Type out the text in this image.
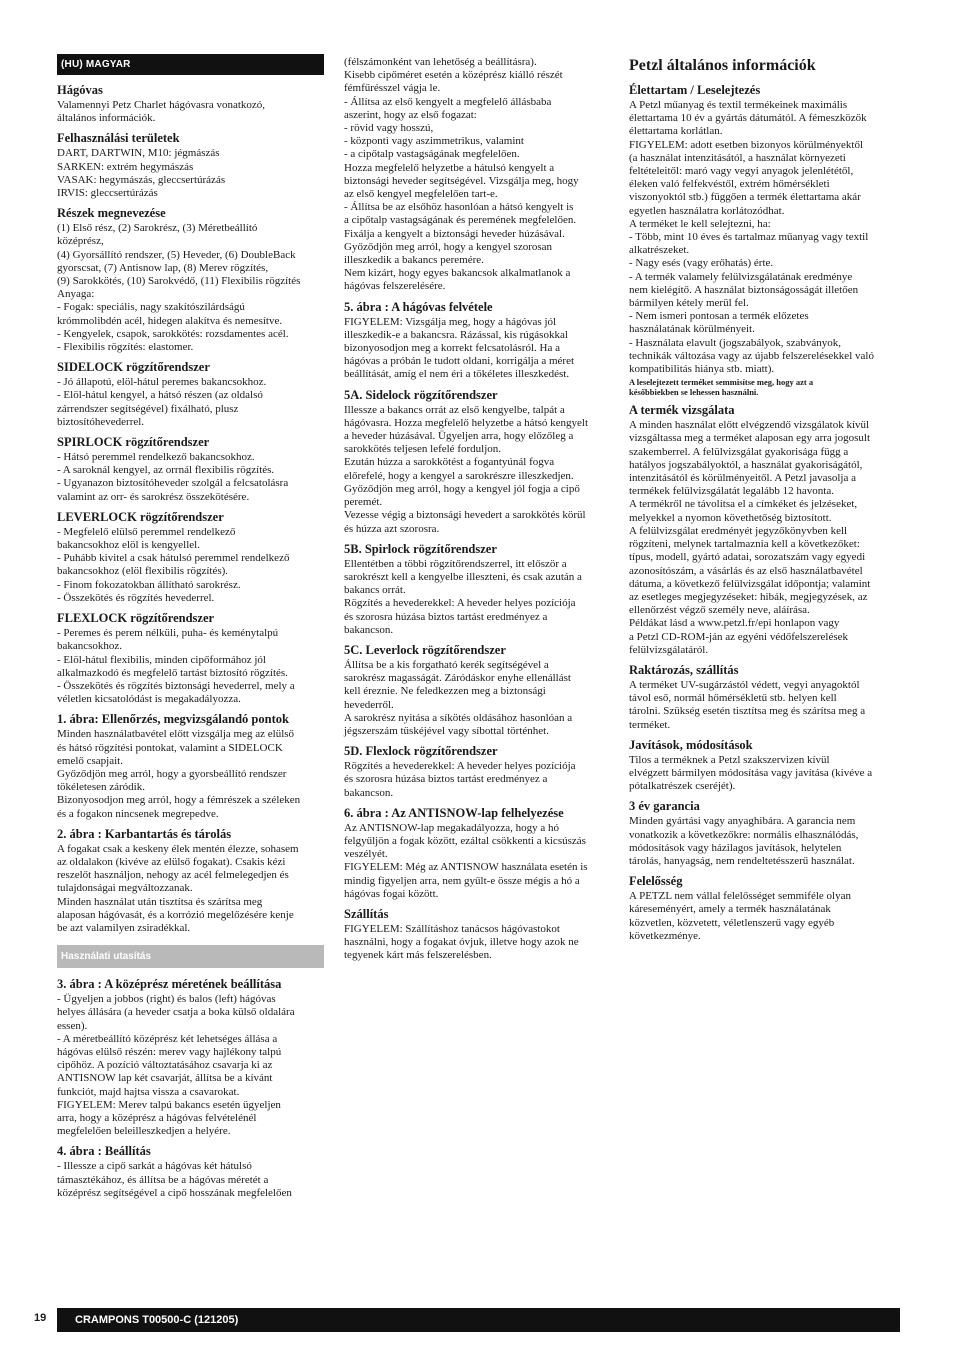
(HU) MAGYAR
Hágóvas

Valamennyi Petz Charlet hágóvasra vonatkozó,
általános információk.

Felhasználási területek

DART, DARTWIN, M10: jégmászás
SARKEN: extrém hegymászás
VASAK: hegymászás, gleccsertúrázás
IRVIS: gleccsertúrázás

Részek megnevezése

(1) Első rész, (2) Sarokrész, (3) Méretbeállító
középrész,
(4) Gyorsállító rendszer, (5) Heveder, (6) DoubleBack
gyorscsat, (7) Antisnow lap, (8) Merev rögzítés,
(9) Sarokkötés, (10) Sarokvédő, (11) Flexibilis rögzítés
Anyaga:
- Fogak: speciális, nagy szakítószilárdságú
krómmolibdén acél, hidegen alakítva és nemesítve.
- Kengyelek, csapok, sarokkötés: rozsdamentes acél.
- Flexibilis rögzítés: elastomer.

SIDELOCK rögzítőrendszer

- Jó állapotú, elöl-hátul peremes bakancsokhoz.
- Elöl-hátul kengyel, a hátsó részen (az oldalsó
zárrendszer segítségével) fixálható, plusz
biztosítóhevederrel.

SPIRLOCK rögzítőrendszer

- Hátsó peremmel rendelkező bakancsokhoz.
- A saroknál kengyel, az orrnál flexibilis rögzítés.
- Ugyanazon biztosítóheveder szolgál a felcsatolásra
valamint az orr- és sarokrész összekötésére.

LEVERLOCK rögzítőrendszer

- Megfelelő elülső peremmel rendelkező
bakancsokhoz elöl is kengyellel.
- Puhább kivitel a csak hátulsó peremmel rendelkező
bakancsokhoz (elöl flexibilis rögzítés).
- Finom fokozatokban állítható sarokrész.
- Összekötés és rögzítés hevederrel.

FLEXLOCK rögzítőrendszer

- Peremes és perem nélküli, puha- és keménytalpú
bakancsokhoz.
- Elöl-hátul flexibilis, minden cipőformához jól
alkalmazkodó és megfelelő tartást biztosító rögzítés.
- Összekötés és rögzítés biztonsági hevederrel, mely a
véletlen kicsatolódást is megakadályozza.

1. ábra: Ellenőrzés, megvizsgálandó pontok

Minden használatbavétel előtt vizsgálja meg az elülső
és hátsó rögzítési pontokat, valamint a SIDELOCK
emelő csapjait.
Győződjön meg arról, hogy a gyorsbeállító rendszer
tökéletesen záródik.
Bizonyosodjon meg arról, hogy a fémrészek a széleken
és a fogakon nincsenek megrepedve.

2. ábra : Karbantartás és tárolás

A fogakat csak a keskeny élek mentén élezze, sohasem
az oldalakon (kivéve az elülső fogakat). Csakis kézi
reszelőt használjon, nehogy az acél felmelegedjen és
tulajdonságai megváltozzanak.
Minden használat után tisztítsa és szárítsa meg
alaposan hágóvasát, és a korrózió megelőzésére kenje
be azt valamilyen zsiradékkal.

Használati utasítás
3. ábra : A középrész méretének beállítása

- Ügyeljen a jobbos (right) és balos (left) hágóvas
helyes állására (a heveder csatja a boka külső oldalára
essen).
- A méretbeállító középrész két lehetséges állása a
hágóvas elülső részén: merev vagy hajlékony talpú
cipőhöz. A pozíció változtatásához csavarja ki az
ANTISNOW lap két csavarját, állítsa be a kívánt
funkciót, majd hajtsa vissza a csavarokat.
FIGYELEM: Merev talpú bakancs esetén ügyeljen
arra, hogy a középrész a hágóvas felvételénél
megfelelően beleilleszkedjen a helyére.

4. ábra : Beállítás

- Illessze a cipő sarkát a hágóvas két hátulsó
támasztékához, és állítsa be a hágóvas méretét a
középrész segítségével a cipő hosszának megfelelően

(félszámonként van lehetőség a beállításra).
Kisebb cipőméret esetén a középrész kiálló részét
fémfűrésszel vágja le.
- Állítsa az első kengyelt a megfelelő állásbaba
aszerint, hogy az első fogazat:
- rövid vagy hosszú,
- központi vagy aszimmetrikus, valamint
- a cipőtalp vastagságának megfelelően.
Hozza megfelelő helyzetbe a hátulsó kengyelt a
biztonsági heveder segítségével. Vizsgálja meg, hogy
az első kengyel megfelelően tart-e.
- Állítsa be az elsőhöz hasonlóan a hátsó kengyelt is
a cipőtalp vastagságának és peremének megfelelően.
Fixálja a kengyelt a biztonsági heveder húzásával.
Győződjön meg arról, hogy a kengyel szorosan
illeszkedik a bakancs peremére.
Nem kizárt, hogy egyes bakancsok alkalmatlanok a
hágóvas felszerelésére.

5. ábra : A hágóvas felvétele

FIGYELEM: Vizsgálja meg, hogy a hágóvas jól
illeszkedik-e a bakancsra. Rázással, kis rúgásokkal
bizonyosodjon meg a korrekt felcsatolásról. Ha a
hágóvas a próbán le tudott oldani, korrigálja a méret
beállítását, amíg el nem éri a tökéletes illeszkedést.

5A. Sidelock rögzítőrendszer

Illessze a bakancs orrát az első kengyelbe, talpát a
hágóvasra. Hozza megfelelő helyzetbe a hátsó kengyelt
a heveder húzásával. Ügyeljen arra, hogy előzőleg a
sarokkötés teljesen lefelé forduljon.
Ezután húzza a sarokkötést a fogantyúnál fogva
előrefelé, hogy a kengyel a sarokrészre illeszkedjen.
Győződjön meg arról, hogy a kengyel jól fogja a cipő
peremét.
Vezesse végig a biztonsági hevedert a sarokkötés körül
és húzza azt szorosra.

5B. Spirlock rögzítőrendszer

Ellentétben a többi rögzítőrendszerrel, itt először a
sarokrészt kell a kengyelbe illeszteni, és csak azután a
bakancs orrát.
Rögzítés a hevederekkel: A heveder helyes pozíciója
és szorosra húzása biztos tartást eredményez a
bakancson.

5C. Leverlock rögzítőrendszer

Állítsa be a kis forgatható kerék segítségével a
sarokrész magasságát. Záródáskor enyhe ellenállást
kell éreznie. Ne feledkezzen meg a biztonsági
hevederről.
A sarokrész nyitása a síkötés oldásához hasonlóan a
jégszerszám tüskéjével vagy síbottal történhet.

5D. Flexlock rögzítőrendszer

Rögzítés a hevederekkel: A heveder helyes pozíciója
és szorosra húzása biztos tartást eredményez a
bakancson.

6. ábra : Az ANTISNOW-lap felhelyezése

Az ANTISNOW-lap megakadályozza, hogy a hó
felgyűljön a fogak között, ezáltal csökkenti a kicsúszás
veszélyét.
FIGYELEM: Még az ANTISNOW használata esetén is
mindig figyeljen arra, nem gyűlt-e össze mégis a hó a
hágóvas fogai között.

Szállítás

FIGYELEM: Szállításhoz tanácsos hágóvastokot
használni, hogy a fogakat óvjuk, illetve hogy azok ne
tegyenek kárt más felszerelésben.

Petzl általános információk
Élettartam / Leselejtezés

A Petzl műanyag és textil termékeinek maximális
élettartama 10 év a gyártás dátumától. A fémeszközök
élettartama korlátlan.
FIGYELEM: adott esetben bizonyos körülményektől
(a használat intenzitásától, a használat környezeti
feltételeitől: maró vagy vegyi anyagok jelenlététől,
éleken való felfekvéstől, extrém hőmérsékleti
viszonyoktól stb.) függően a termék élettartama akár
egyetlen használatra korlátozódhat.
A terméket le kell selejtezni, ha:
- Több, mint 10 éves és tartalmaz műanyag vagy textil
alkatrészeket.
- Nagy esés (vagy erőhatás) érte.
- A termék valamely felülvizsgálatának eredménye
nem kielégítő. A használat biztonságosságát illetően
bármilyen kétely merül fel.
- Nem ismeri pontosan a termék előzetes
használatának körülményeit.
- Használata elavult (jogszabályok, szabványok,
technikák változása vagy az újabb felszerelésekkel való
kompatibilitás hiánya stb. miatt).

A leselejtezett terméket semmisítse meg, hogy azt a
későbbiekben se lehessen használni.

A termék vizsgálata

A minden használat előtt elvégzendő vizsgálatok kívül
vizsgáltassa meg a terméket alaposan egy arra jogosult
szakemberrel. A felülvizsgálat gyakorisága függ a
hatályos jogszabályoktól, a használat gyakoriságától,
intenzitásától és körülményeitől. A Petzl javasolja a
termékek felülvizsgálatát legalább 12 havonta.
A termékről ne távolítsa el a címkéket és jelzéseket,
melyekkel a nyomon követhetőség biztosított.
A felülvizsgálat eredményét jegyzőkönyvben kell
rögzíteni, melynek tartalmaznia kell a következőket:
típus, modell, gyártó adatai, sorozatszám vagy egyedi
azonosítószám, a vásárlás és az első használatbavétel
dátuma, a következő felülvizsgálat időpontja; valamint
az esetleges megjegyzéseket: hibák, megjegyzések, az
ellenőrzést végző személy neve, aláírása.
Példákat lásd a www.petzl.fr/epi honlapon vagy
a Petzl CD-ROM-ján az egyéni védőfelszerelések
felülvizsgálatáról.

Raktározás, szállítás

A terméket UV-sugárzástól védett, vegyi anyagoktól
távol eső, normál hőmérsékletű stb. helyen kell
tárolni. Szükség esetén tisztítsa meg és szárítsa meg a
terméket.

Javítások, módosítások

Tilos a terméknek a Petzl szakszervizen kívül
elvégzett bármilyen módosítása vagy javítása (kivéve a
pótalkatrészek cseréjét).

3 év garancia

Minden gyártási vagy anyaghibára. A garancia nem
vonatkozik a következőkre: normális elhasználódás,
módosítások vagy házilagos javítások, helytelen
tárolás, hanyagság, nem rendeltetésszerű használat.

Felelősség

A PETZL nem vállal felelősséget semmiféle olyan
káreseményért, amely a termék használatának
közvetlen, közvetett, véletlenszerű vagy egyéb
következménye.

19	CRAMPONS T00500-C (121205)
